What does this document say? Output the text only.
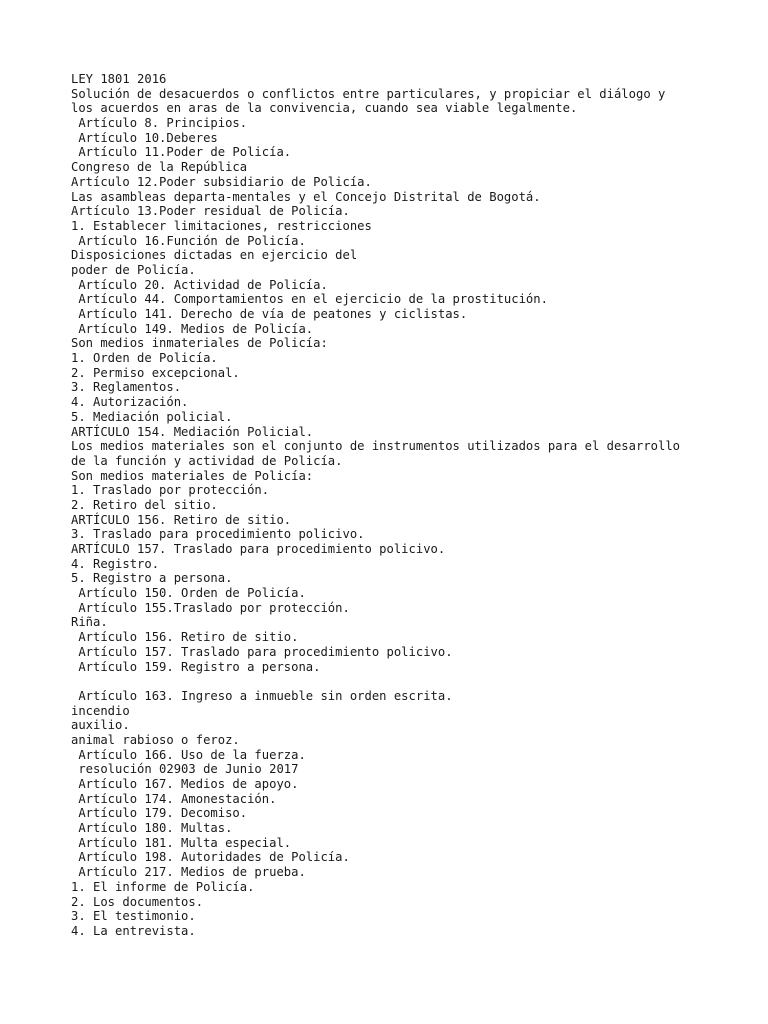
LEY 1801 2016
Solución de desacuerdos o conflictos entre particulares, y propiciar el diálogo y
los acuerdos en aras de la convivencia, cuando sea viable legalmente.
Artículo 8. Principios.
Artículo 10.Deberes
Artículo 11.Poder de Policía.
Congreso de la República
Artículo 12.Poder subsidiario de Policía.
Las asambleas departa-mentales y el Concejo Distrital de Bogotá.
Artículo 13.Poder residual de Policía.
1. Establecer limitaciones, restricciones
Artículo 16.Función de Policía.
Disposiciones dictadas en ejercicio del
poder de Policía.
Artículo 20. Actividad de Policía.
Artículo 44. Comportamientos en el ejercicio de la prostitución.
Artículo 141. Derecho de vía de peatones y ciclistas.
Artículo 149. Medios de Policía.
Son medios inmateriales de Policía:
1. Orden de Policía.
2. Permiso excepcional.
3. Reglamentos.
4. Autorización.
5. Mediación policial.
ARTÍCULO 154. Mediación Policial.
Los medios materiales son el conjunto de instrumentos utilizados para el desarrollo
de la función y actividad de Policía.
Son medios materiales de Policía:
1. Traslado por protección.
2. Retiro del sitio.
ARTÍCULO 156. Retiro de sitio.
3. Traslado para procedimiento policivo.
ARTÍCULO 157. Traslado para procedimiento policivo.
4. Registro.
5. Registro a persona.
Artículo 150. Orden de Policía.
Artículo 155.Traslado por protección.
Riña.
Artículo 156. Retiro de sitio.
Artículo 157. Traslado para procedimiento policivo.
Artículo 159. Registro a persona.
Artículo 163. Ingreso a inmueble sin orden escrita.
incendio
auxilio.
animal rabioso o feroz.
Artículo 166. Uso de la fuerza.
resolución 02903 de Junio 2017
Artículo 167. Medios de apoyo.
Artículo 174. Amonestación.
Artículo 179. Decomiso.
Artículo 180. Multas.
Artículo 181. Multa especial.
Artículo 198. Autoridades de Policía.
Artículo 217. Medios de prueba.
1. El informe de Policía.
2. Los documentos.
3. El testimonio.
4. La entrevista.
